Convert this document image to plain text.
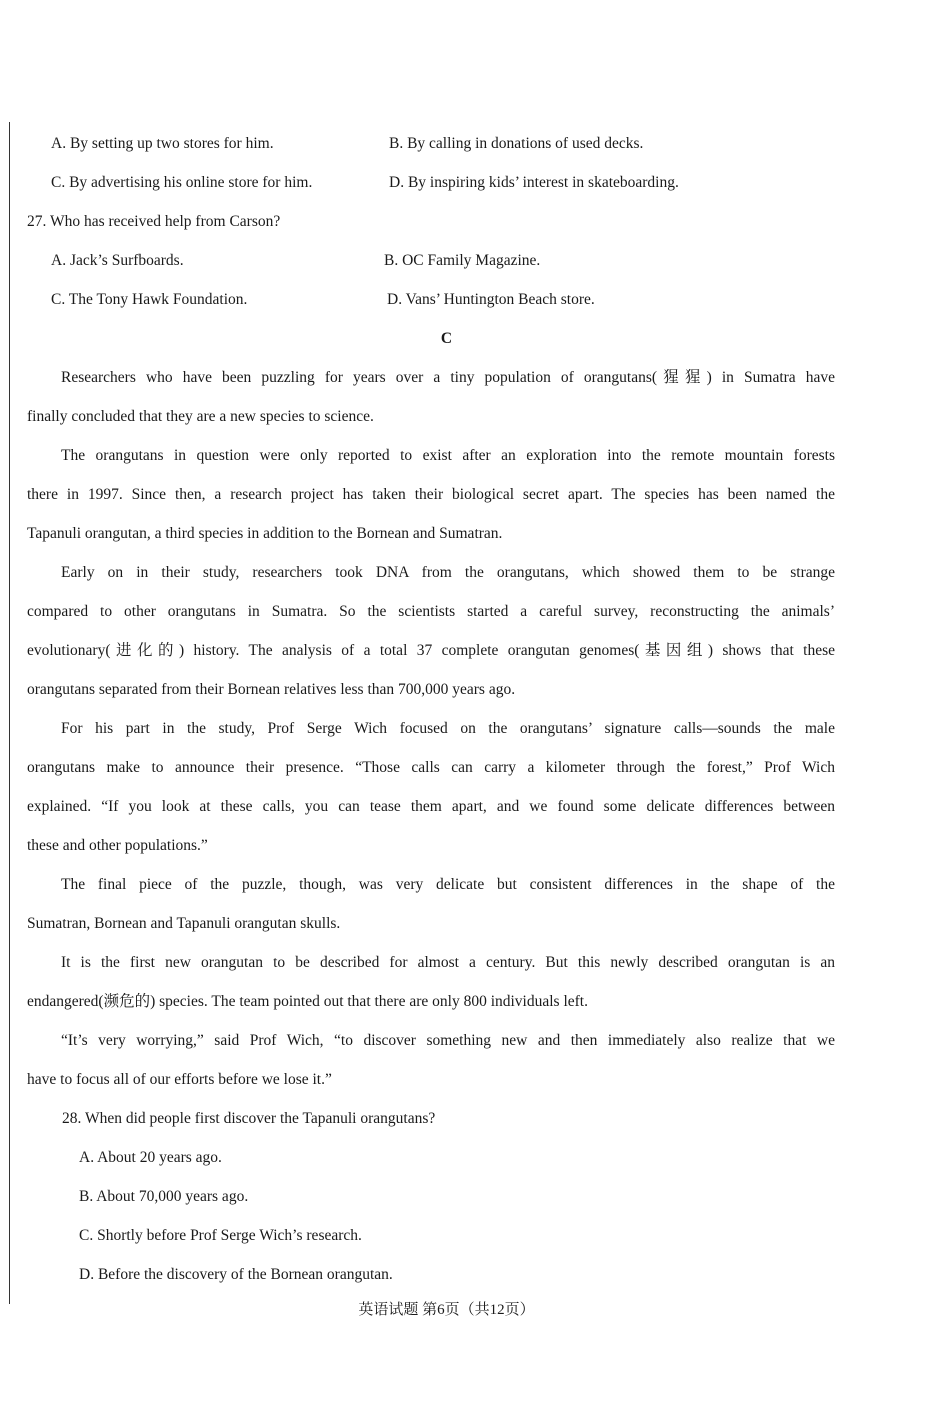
A. By setting up two stores for him.	B. By calling in donations of used decks.
C. By advertising his online store for him.	D. By inspiring kids’ interest in skateboarding.
27. Who has received help from Carson?
A. Jack’s Surfboards.	B. OC Family Magazine.
C. The Tony Hawk Foundation.	D. Vans’ Huntington Beach store.
C
Researchers who have been puzzling for years over a tiny population of orangutans(猩猩) in Sumatra have
finally concluded that they are a new species to science.
The orangutans in question were only reported to exist after an exploration into the remote mountain forests
there in 1997. Since then, a research project has taken their biological secret apart. The species has been named the
Tapanuli orangutan, a third species in addition to the Bornean and Sumatran.
Early on in their study, researchers took DNA from the orangutans, which showed them to be strange
compared to other orangutans in Sumatra. So the scientists started a careful survey, reconstructing the animals’
evolutionary(进化的) history. The analysis of a total 37 complete orangutan genomes(基因组) shows that these
orangutans separated from their Bornean relatives less than 700,000 years ago.
For his part in the study, Prof Serge Wich focused on the orangutans’ signature calls—sounds the male
orangutans make to announce their presence. “Those calls can carry a kilometer through the forest,” Prof Wich
explained. “If you look at these calls, you can tease them apart, and we found some delicate differences between
these and other populations.”
The final piece of the puzzle, though, was very delicate but consistent differences in the shape of the
Sumatran, Bornean and Tapanuli orangutan skulls.
It is the first new orangutan to be described for almost a century. But this newly described orangutan is an
endangered(濒危的) species. The team pointed out that there are only 800 individuals left.
“It’s very worrying,” said Prof Wich, “to discover something new and then immediately also realize that we
have to focus all of our efforts before we lose it.”
28. When did people first discover the Tapanuli orangutans?
A. About 20 years ago.
B. About 70,000 years ago.
C. Shortly before Prof Serge Wich’s research.
D. Before the discovery of the Bornean orangutan.
英语试题 第6页（共12页）
